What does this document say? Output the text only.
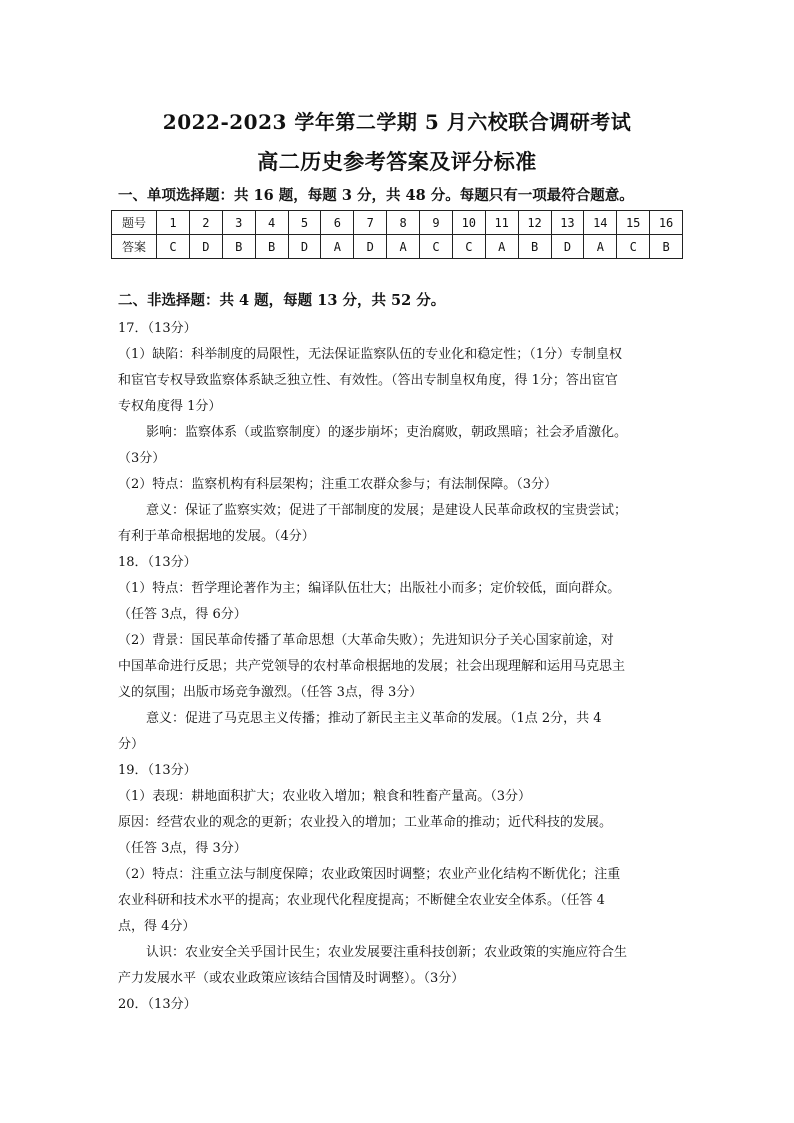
2022-2023 学年第二学期 5 月六校联合调研考试
高二历史参考答案及评分标准
一、单项选择题：共 16 题，每题 3 分，共 48 分。每题只有一项最符合题意。
题号	1	2	3	4	5	6	7	8	9	10	11	12	13	14	15	16
答案	C	D	B	B	D	A	D	A	C	C	A	B	D	A	C	B
二、非选择题：共 4 题，每题 13 分，共 52 分。
17．（13分）
（1）缺陷：科举制度的局限性，无法保证监察队伍的专业化和稳定性；（1分）专制皇权
和宦官专权导致监察体系缺乏独立性、有效性。（答出专制皇权角度，得 1分；答出宦官
专权角度得 1分）
影响：监察体系（或监察制度）的逐步崩坏；吏治腐败，朝政黑暗；社会矛盾激化。
（3分）
（2）特点：监察机构有科层架构；注重工农群众参与；有法制保障。（3分）
意义：保证了监察实效；促进了干部制度的发展；是建设人民革命政权的宝贵尝试；
有利于革命根据地的发展。（4分）
18．（13分）
（1）特点：哲学理论著作为主；编译队伍壮大；出版社小而多；定价较低，面向群众。
（任答 3点，得 6分）
（2）背景：国民革命传播了革命思想（大革命失败）；先进知识分子关心国家前途，对
中国革命进行反思；共产党领导的农村革命根据地的发展；社会出现理解和运用马克思主
义的氛围；出版市场竞争激烈。（任答 3点，得 3分）
意义：促进了马克思主义传播；推动了新民主主义革命的发展。（1点 2分，共 4
分）
19．（13分）
（1）表现：耕地面积扩大；农业收入增加；粮食和牲畜产量高。（3分）
原因：经营农业的观念的更新；农业投入的增加；工业革命的推动；近代科技的发展。
（任答 3点，得 3分）
（2）特点：注重立法与制度保障；农业政策因时调整；农业产业化结构不断优化；注重
农业科研和技术水平的提高；农业现代化程度提高；不断健全农业安全体系。（任答 4
点，得 4分）
认识：农业安全关乎国计民生；农业发展要注重科技创新；农业政策的实施应符合生
产力发展水平（或农业政策应该结合国情及时调整）。（3分）
20．（13分）
